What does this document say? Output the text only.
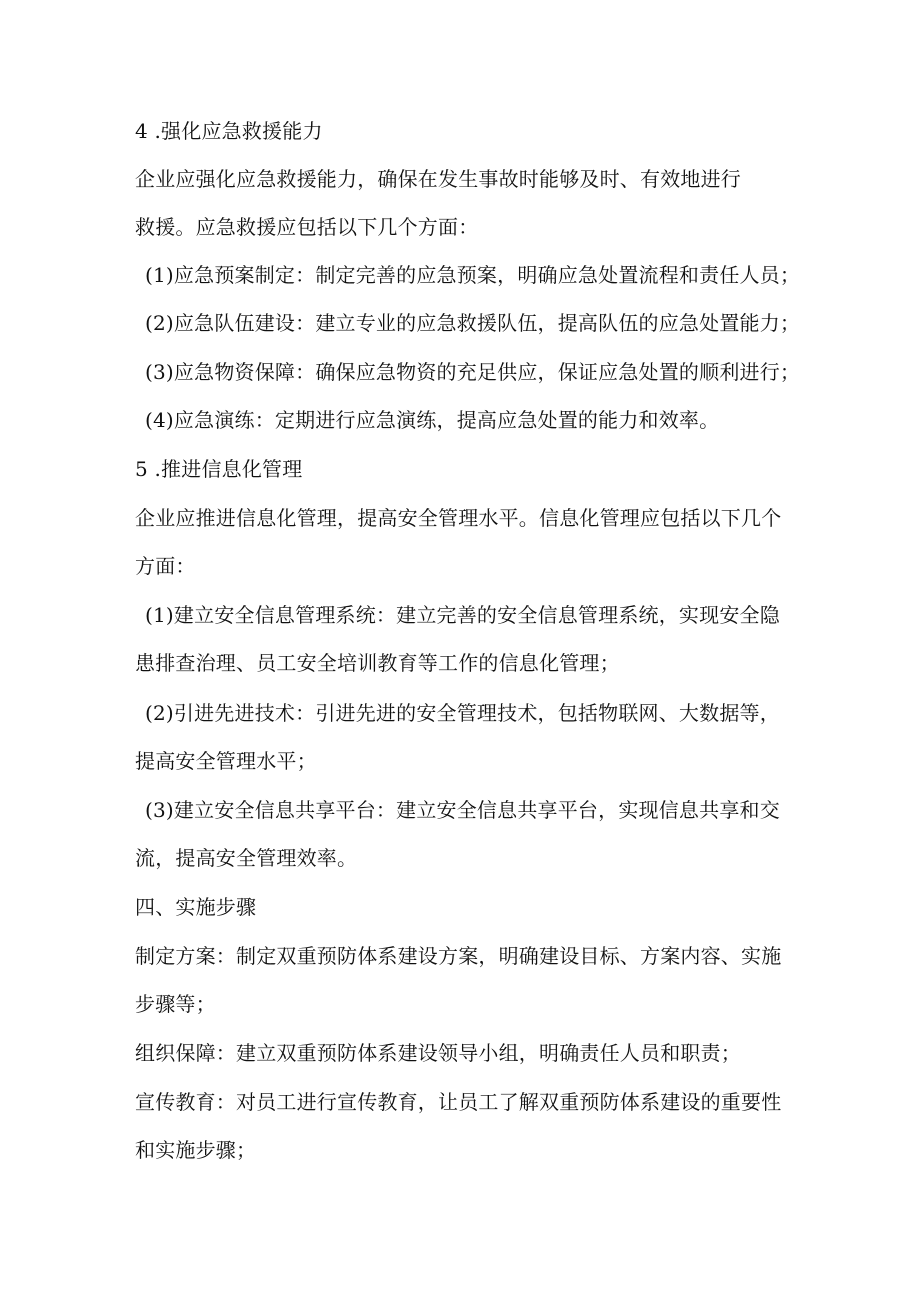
4 .强化应急救援能力
企业应强化应急救援能力，确保在发生事故时能够及时、有效地进行
救援。应急救援应包括以下几个方面：
(1)应急预案制定：制定完善的应急预案，明确应急处置流程和责任人员；
(2)应急队伍建设：建立专业的应急救援队伍，提高队伍的应急处置能力；
(3)应急物资保障：确保应急物资的充足供应，保证应急处置的顺利进行；
(4)应急演练：定期进行应急演练，提高应急处置的能力和效率。
5 .推进信息化管理
企业应推进信息化管理，提高安全管理水平。信息化管理应包括以下几个
方面：
(1)建立安全信息管理系统：建立完善的安全信息管理系统，实现安全隐
患排查治理、员工安全培训教育等工作的信息化管理；
(2)引进先进技术：引进先进的安全管理技术，包括物联网、大数据等，
提高安全管理水平；
(3)建立安全信息共享平台：建立安全信息共享平台，实现信息共享和交
流，提高安全管理效率。
四、实施步骤
制定方案：制定双重预防体系建设方案，明确建设目标、方案内容、实施
步骤等；
组织保障：建立双重预防体系建设领导小组，明确责任人员和职责；
宣传教育：对员工进行宣传教育，让员工了解双重预防体系建设的重要性
和实施步骤；
